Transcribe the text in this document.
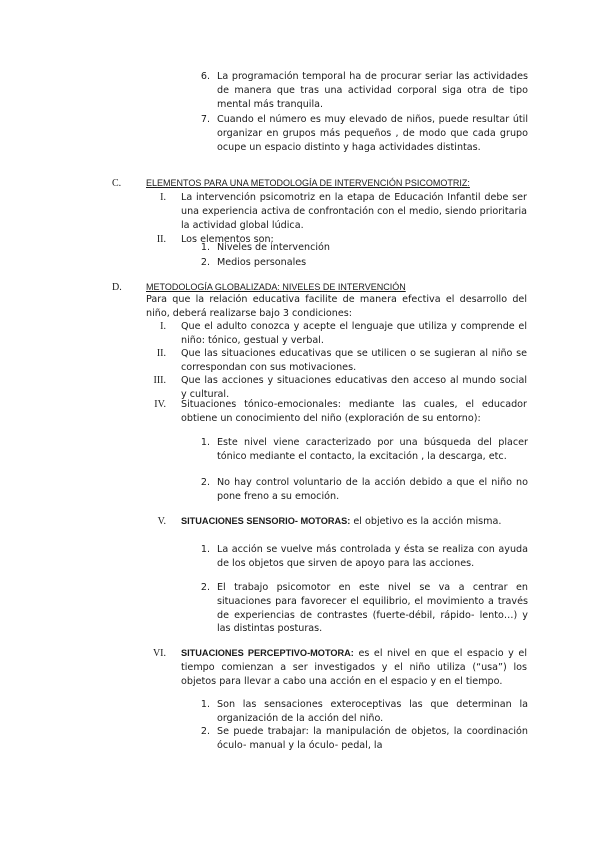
6. La programación temporal ha de procurar seriar las actividades de manera que tras una actividad corporal siga otra de tipo mental más tranquila.

7. Cuando el número es muy elevado de niños, puede resultar útil organizar en grupos más pequeños , de modo que cada grupo ocupe un espacio distinto y haga actividades distintas.

C.	ELEMENTOS PARA UNA METODOLOGÍA DE INTERVENCIÓN PSICOMOTRIZ:

I. La intervención psicomotriz en la etapa de Educación Infantil debe ser una experiencia activa de confrontación con el medio, siendo prioritaria la actividad global lúdica.

II. Los elementos son:

1. Niveles de intervención

2. Medios personales

D.	METODOLOGÍA GLOBALIZADA: NIVELES DE INTERVENCIÓN

Para que la relación educativa facilite de manera efectiva el desarrollo del niño, deberá realizarse bajo 3 condiciones:

I. Que el adulto conozca y acepte el lenguaje que utiliza y comprende el niño: tónico, gestual y verbal.

II. Que las situaciones educativas que se utilicen o se sugieran al niño se correspondan con sus motivaciones.

III. Que las acciones y situaciones educativas den acceso al mundo social y cultural.

IV. Situaciones tónico-emocionales: mediante las cuales, el educador obtiene un conocimiento del niño (exploración de su entorno):

1. Este nivel viene caracterizado por una búsqueda del placer tónico mediante el contacto, la excitación , la descarga, etc.

2. No hay control voluntario de la acción debido a que el niño no pone freno a su emoción.

V. SITUACIONES SENSORIO- MOTORAS: el objetivo es la acción misma.

1. La acción se vuelve más controlada y ésta se realiza con ayuda de los objetos que sirven de apoyo para las acciones.

2. El trabajo psicomotor en este nivel se va a centrar en situaciones para favorecer el equilibrio, el movimiento a través de experiencias de contrastes (fuerte-débil, rápido- lento…) y las distintas posturas.

VI. SITUACIONES PERCEPTIVO-MOTORA: es el nivel en que el espacio y el tiempo comienzan a ser investigados y el niño utiliza (“usa”) los objetos para llevar a cabo una acción en el espacio y en el tiempo.

1. Son las sensaciones exteroceptivas las que determinan la organización de la acción del niño.

2. Se puede trabajar: la manipulación de objetos, la coordinación óculo- manual y la óculo- pedal, la
